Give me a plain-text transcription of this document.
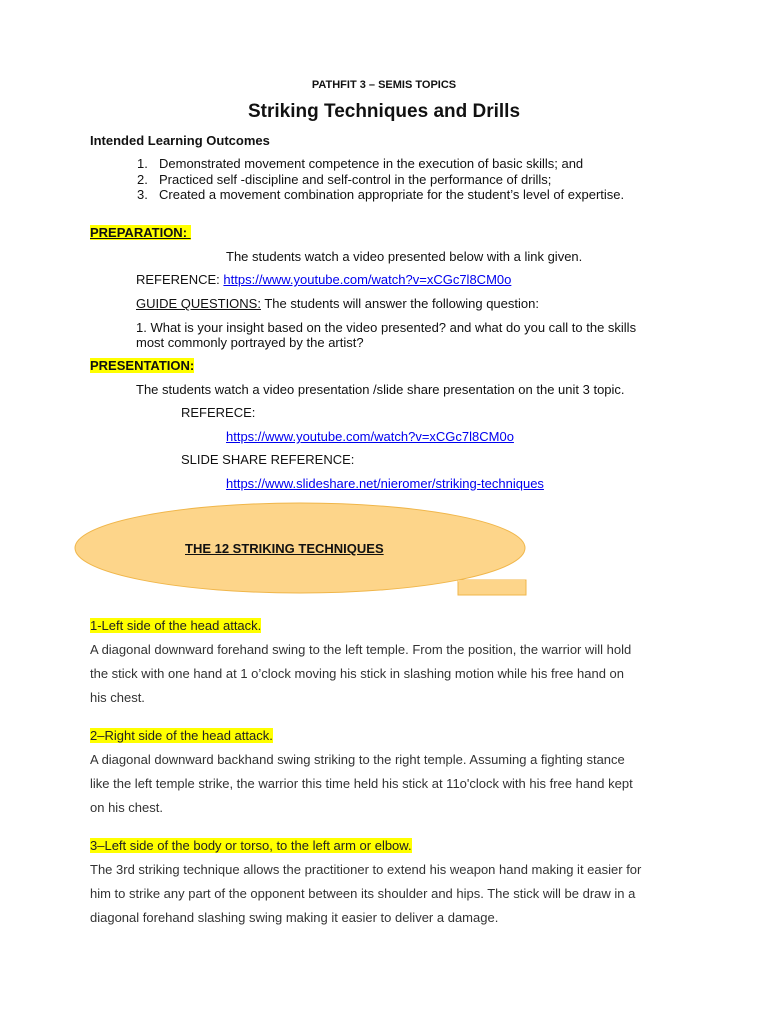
PATHFIT 3 – SEMIS TOPICS
Striking Techniques and Drills
Intended Learning Outcomes
1. Demonstrated movement competence in the execution of basic skills; and
2. Practiced self -discipline and self-control in the performance of drills;
3. Created a movement combination appropriate for the student’s level of expertise.
PREPARATION:
The students watch a video presented below with a link given.
REFERENCE: https://www.youtube.com/watch?v=xCGc7l8CM0o
GUIDE QUESTIONS: The students will answer the following question:
1. What is your insight based on the video presented? and what do you call to the skills
most commonly portrayed by the artist?
PRESENTATION:
The students watch a video presentation /slide share presentation on the unit 3 topic.
REFERECE:
https://www.youtube.com/watch?v=xCGc7l8CM0o
SLIDE SHARE REFERENCE:
https://www.slideshare.net/nieromer/striking-techniques
THE 12 STRIKING TECHNIQUES
1-Left side of the head attack.
A diagonal downward forehand swing to the left temple. From the position, the warrior will hold
the stick with one hand at 1 o’clock moving his stick in slashing motion while his free hand on
his chest.
2–Right side of the head attack.
A diagonal downward backhand swing striking to the right temple. Assuming a fighting stance
like the left temple strike, the warrior this time held his stick at 11o'clock with his free hand kept
on his chest.
3–Left side of the body or torso, to the left arm or elbow.
The 3rd striking technique allows the practitioner to extend his weapon hand making it easier for
him to strike any part of the opponent between its shoulder and hips. The stick will be draw in a
diagonal forehand slashing swing making it easier to deliver a damage.
